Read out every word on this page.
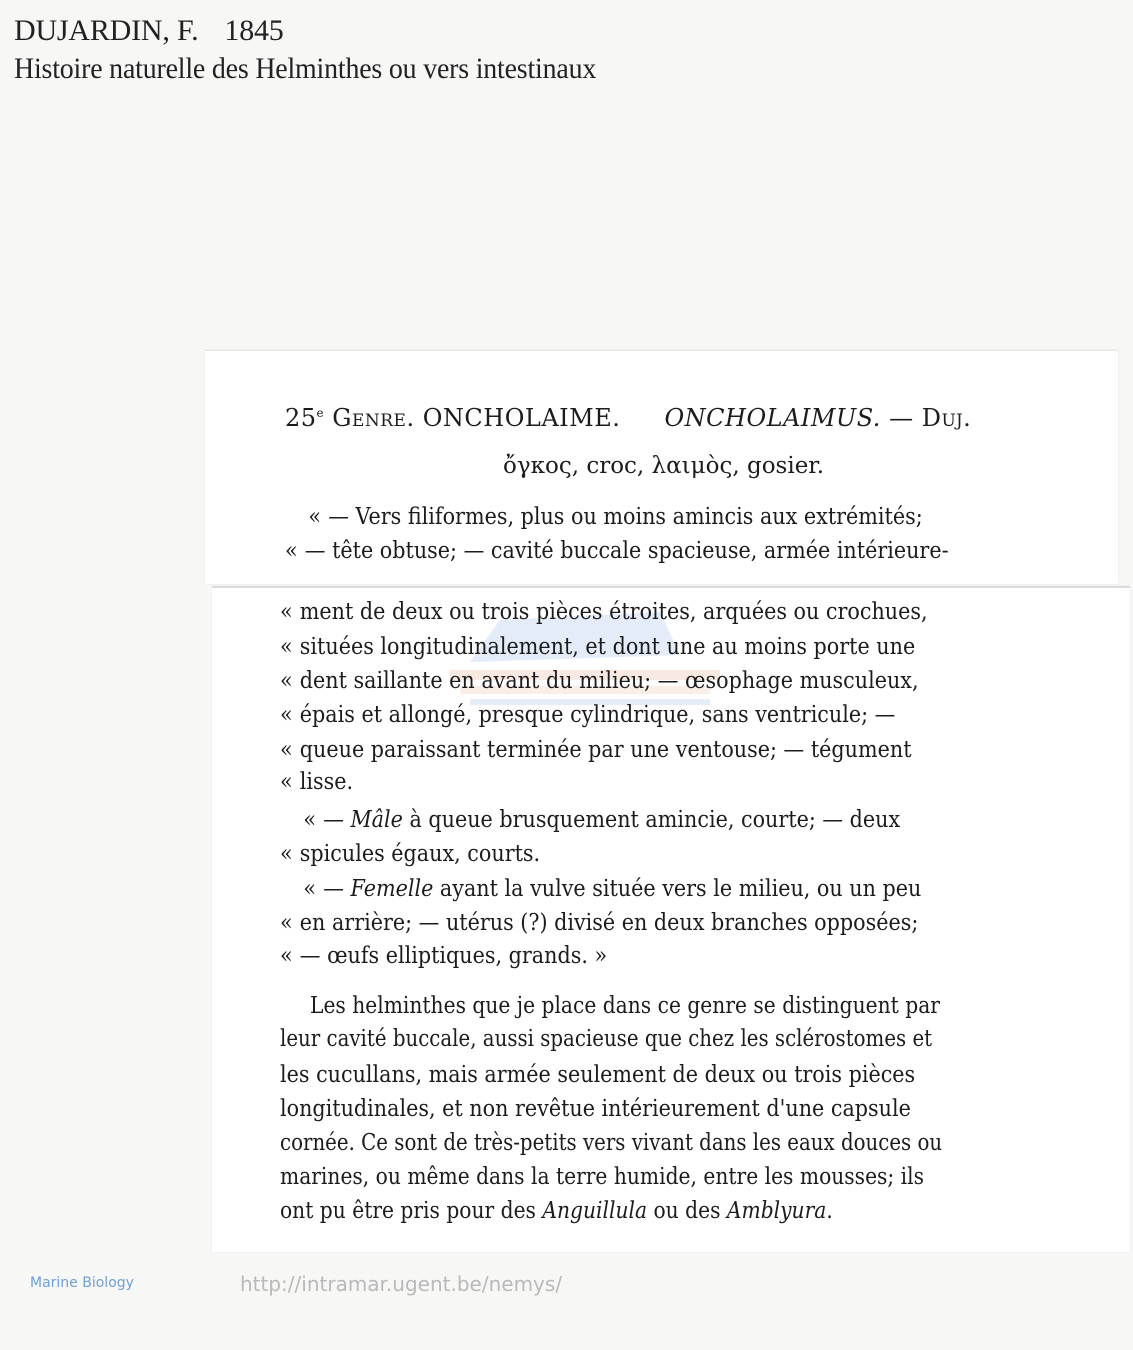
DUJARDIN, F. 1845
Histoire naturelle des Helminthes ou vers intestinaux
Marine Biology	http://intramar.ugent.be/nemys/
25e Genre. ONCHOLAIME. ONCHOLAIMUS. — Duj.
ὄγκος, croc, λαιμὸς, gosier.
« — Vers filiformes, plus ou moins amincis aux extrémités;
« — tête obtuse; — cavité buccale spacieuse, armée intérieure-
« ment de deux ou trois pièces étroites, arquées ou crochues,
« situées longitudinalement, et dont une au moins porte une
« dent saillante en avant du milieu; — œsophage musculeux,
« épais et allongé, presque cylindrique, sans ventricule; —
« queue paraissant terminée par une ventouse; — tégument
« lisse.
« — Mâle à queue brusquement amincie, courte; — deux
« spicules égaux, courts.
« — Femelle ayant la vulve située vers le milieu, ou un peu
« en arrière; — utérus (?) divisé en deux branches opposées;
« — œufs elliptiques, grands. »
Les helminthes que je place dans ce genre se distinguent par
leur cavité buccale, aussi spacieuse que chez les sclérostomes et
les cucullans, mais armée seulement de deux ou trois pièces
longitudinales, et non revêtue intérieurement d'une capsule
cornée. Ce sont de très-petits vers vivant dans les eaux douces ou
marines, ou même dans la terre humide, entre les mousses; ils
ont pu être pris pour des Anguillula ou des Amblyura.
